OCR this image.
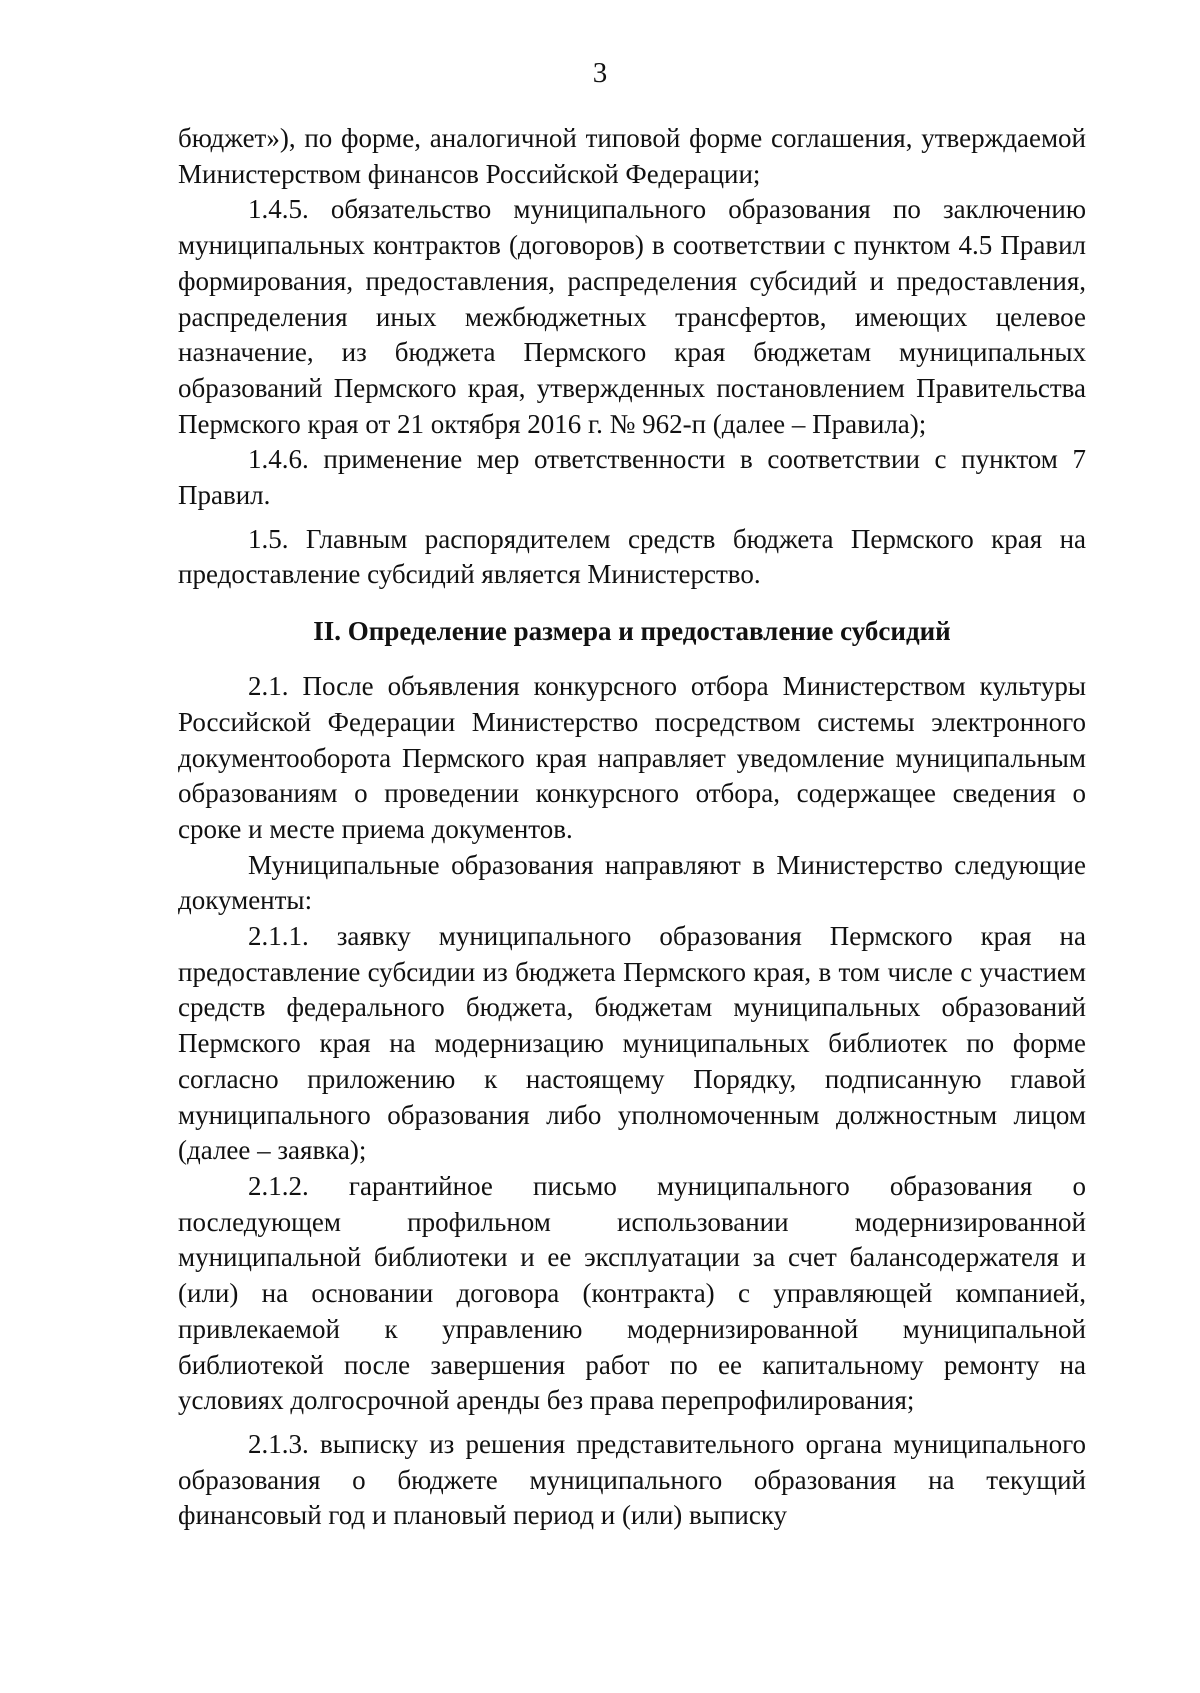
3

бюджет»), по форме, аналогичной типовой форме соглашения, утверждаемой Министерством финансов Российской Федерации;

1.4.5. обязательство муниципального образования по заключению муниципальных контрактов (договоров) в соответствии с пунктом 4.5 Правил формирования, предоставления, распределения субсидий и предоставления, распределения иных межбюджетных трансфертов, имеющих целевое назначение, из бюджета Пермского края бюджетам муниципальных образований Пермского края, утвержденных постановлением Правительства Пермского края от 21 октября 2016 г. № 962-п (далее – Правила);

1.4.6. применение мер ответственности в соответствии с пунктом 7 Правил.

1.5. Главным распорядителем средств бюджета Пермского края на предоставление субсидий является Министерство.

II. Определение размера и предоставление субсидий

2.1. После объявления конкурсного отбора Министерством культуры Российской Федерации Министерство посредством системы электронного документооборота Пермского края направляет уведомление муниципальным образованиям о проведении конкурсного отбора, содержащее сведения о сроке и месте приема документов.

Муниципальные образования направляют в Министерство следующие документы:

2.1.1. заявку муниципального образования Пермского края на предоставление субсидии из бюджета Пермского края, в том числе с участием средств федерального бюджета, бюджетам муниципальных образований Пермского края на модернизацию муниципальных библиотек по форме согласно приложению к настоящему Порядку, подписанную главой муниципального образования либо уполномоченным должностным лицом (далее – заявка);

2.1.2. гарантийное письмо муниципального образования о последующем профильном использовании модернизированной муниципальной библиотеки и ее эксплуатации за счет балансодержателя и (или) на основании договора (контракта) с управляющей компанией, привлекаемой к управлению модернизированной муниципальной библиотекой после завершения работ по ее капитальному ремонту на условиях долгосрочной аренды без права перепрофилирования;

2.1.3. выписку из решения представительного органа муниципального образования о бюджете муниципального образования на текущий финансовый год и плановый период и (или) выписку
